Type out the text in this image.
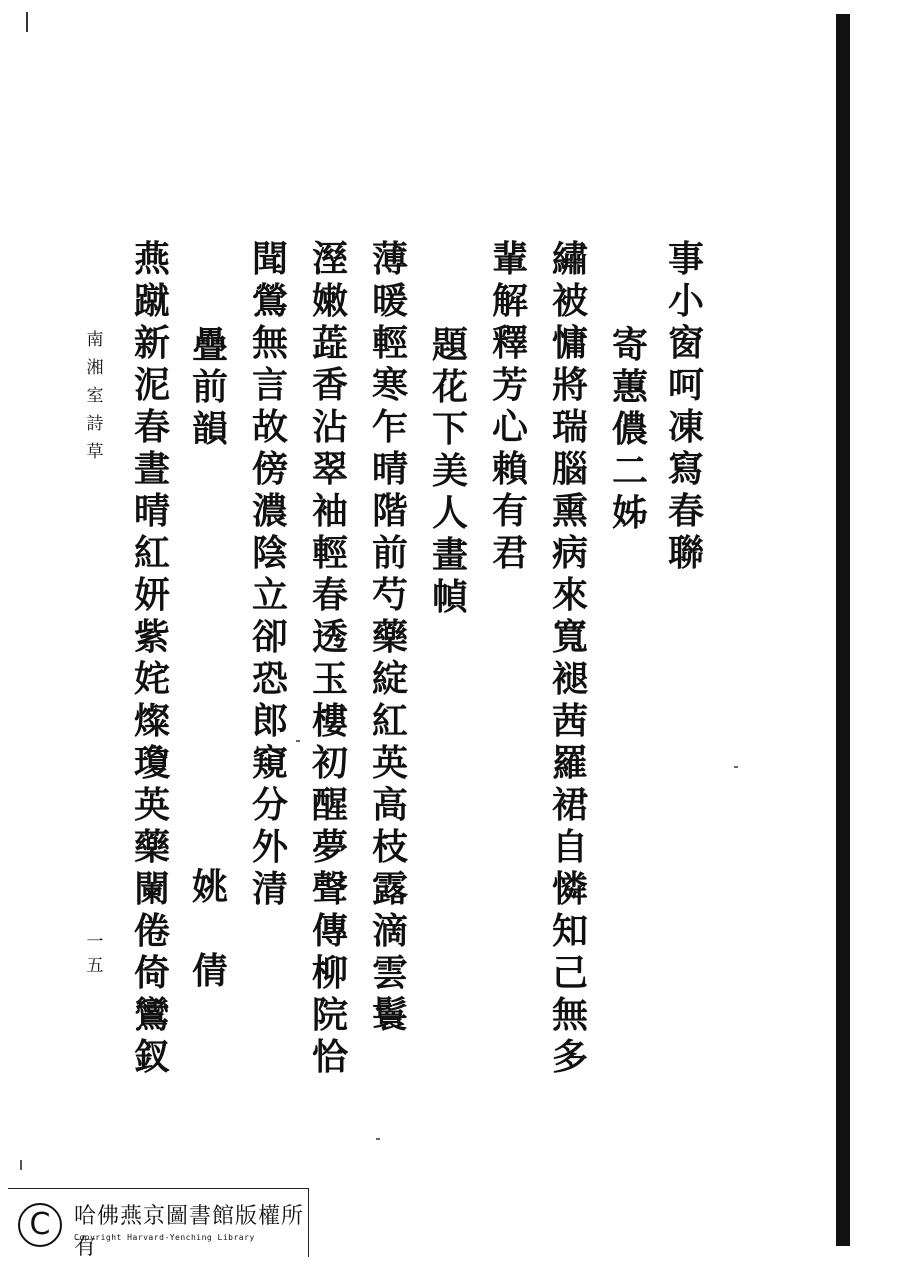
事
小
窗
呵
凍
寫
春
聯
寄
蕙
儂
二
姊
繡
被
慵
將
瑞
腦
熏
病
來
寬
褪
茜
羅
裙
自
憐
知
己
無
多
輩
解
釋
芳
心
賴
有
君
題
花
下
美
人
畫
幀
薄
暖
輕
寒
乍
晴
階
前
芍
藥
綻
紅
英
高
枝
露
滴
雲
鬟
溼
嫩
蕋
香
沾
翠
袖
輕
春
透
玉
樓
初
醒
夢
聲
傳
柳
院
恰
聞
鶯
無
言
故
傍
濃
陰
立
卻
恐
郎
窺
分
外
清
疊
前
韻
姚

倩
燕
蹴
新
泥
春
晝
晴
紅
妍
紫
姹
燦
瓊
英
藥
闌
倦
倚
鸞
釵
南
湘
室
詩
草
一
五
C	哈佛燕京圖書館版權所有
Copyright Harvard-Yenching Library
